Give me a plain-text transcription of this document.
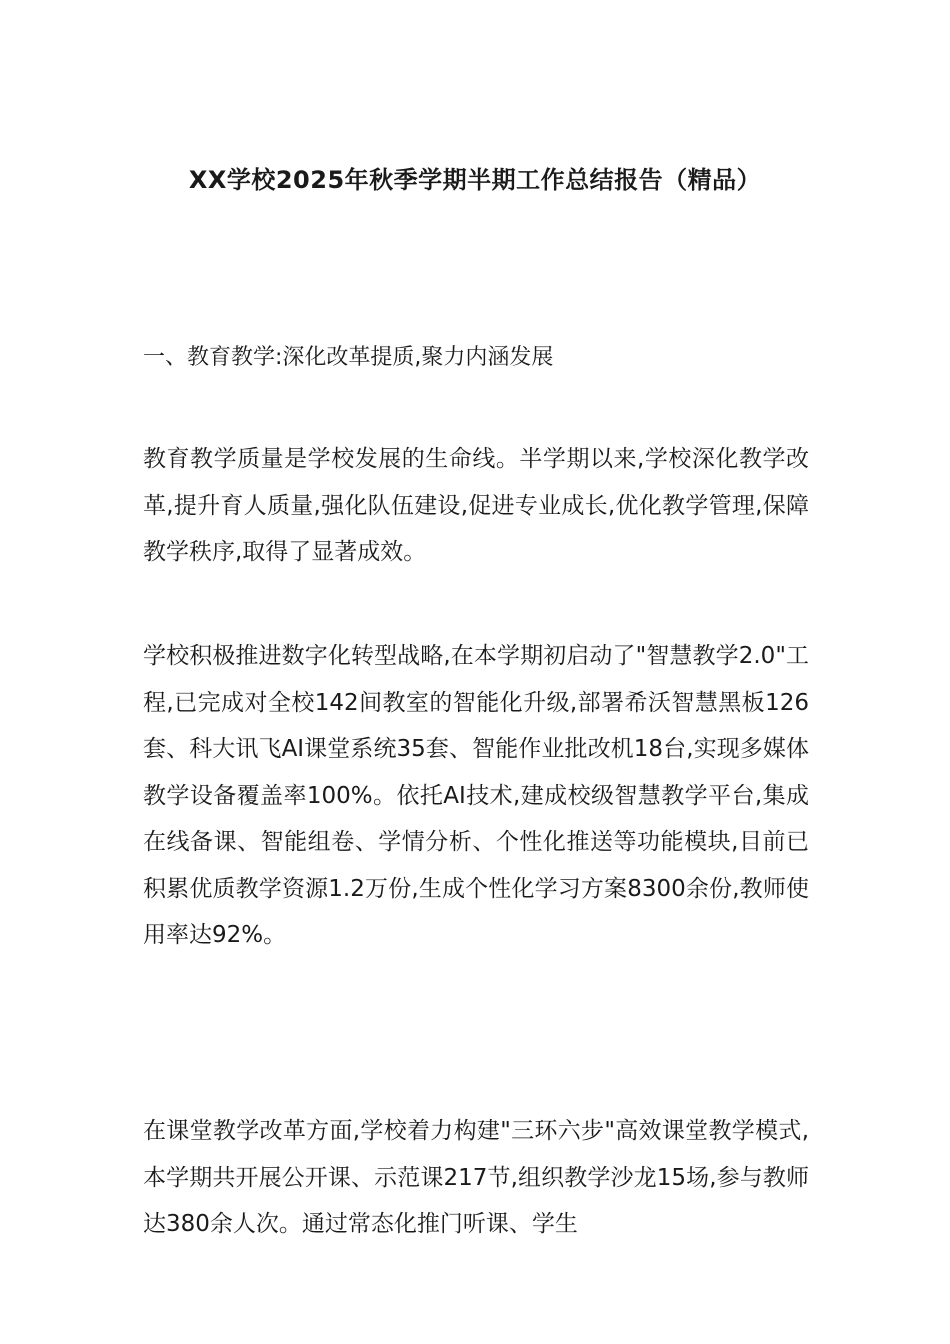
XX学校2025年秋季学期半期工作总结报告（精品）
一、教育教学:深化改革提质,聚力内涵发展

教育教学质量是学校发展的生命线。半学期以来,学校深化教学改革,提升育人质量,强化队伍建设,促进专业成长,优化教学管理,保障教学秩序,取得了显著成效。

学校积极推进数字化转型战略,在本学期初启动了"智慧教学2.0"工程,已完成对全校142间教室的智能化升级,部署希沃智慧黑板126套、科大讯飞AI课堂系统35套、智能作业批改机18台,实现多媒体教学设备覆盖率100%。依托AI技术,建成校级智慧教学平台,集成在线备课、智能组卷、学情分析、个性化推送等功能模块,目前已积累优质教学资源1.2万份,生成个性化学习方案8300余份,教师使用率达92%。

在课堂教学改革方面,学校着力构建"三环六步"高效课堂教学模式,本学期共开展公开课、示范课217节,组织教学沙龙15场,参与教师达380余人次。通过常态化推门听课、学生
